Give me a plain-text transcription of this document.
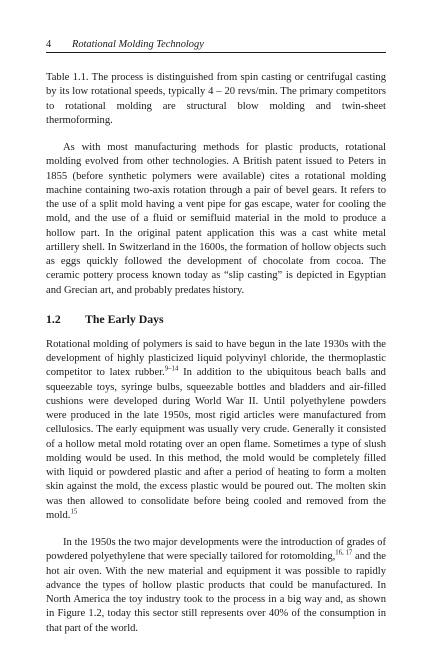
4	Rotational Molding Technology

Table 1.1. The process is distinguished from spin casting or centrifugal casting by its low rotational speeds, typically 4 – 20 revs/min. The primary competitors to rotational molding are structural blow molding and twin-sheet thermoforming.

As with most manufacturing methods for plastic products, rotational molding evolved from other technologies. A British patent issued to Peters in 1855 (before synthetic polymers were available) cites a rotational molding machine containing two-axis rotation through a pair of bevel gears. It refers to the use of a split mold having a vent pipe for gas escape, water for cooling the mold, and the use of a fluid or semifluid material in the mold to produce a hollow part. In the original patent application this was a cast white metal artillery shell. In Switzerland in the 1600s, the formation of hollow objects such as eggs quickly followed the development of chocolate from cocoa. The ceramic pottery process known today as “slip casting” is depicted in Egyptian and Grecian art, and probably predates history.

1.2	The Early Days

Rotational molding of polymers is said to have begun in the late 1930s with the development of highly plasticized liquid polyvinyl chloride, the thermoplastic competitor to latex rubber.$^{9-14}$ In addition to the ubiquitous beach balls and squeezable toys, syringe bulbs, squeezable bottles and bladders and air-filled cushions were developed during World War II. Until polyethylene powders were produced in the late 1950s, most rigid articles were manufactured from cellulosics. The early equipment was usually very crude. Generally it consisted of a hollow metal mold rotating over an open flame. Sometimes a type of slush molding would be used. In this method, the mold would be completely filled with liquid or powdered plastic and after a period of heating to form a molten skin against the mold, the excess plastic would be poured out. The molten skin was then allowed to consolidate before being cooled and removed from the mold.$^{15}$

In the 1950s the two major developments were the introduction of grades of powdered polyethylene that were specially tailored for rotomolding,$^{16, 17}$ and the hot air oven. With the new material and equipment it was possible to rapidly advance the types of hollow plastic products that could be manufactured. In North America the toy industry took to the process in a big way and, as shown in Figure 1.2, today this sector still represents over 40% of the consumption in that part of the world.
